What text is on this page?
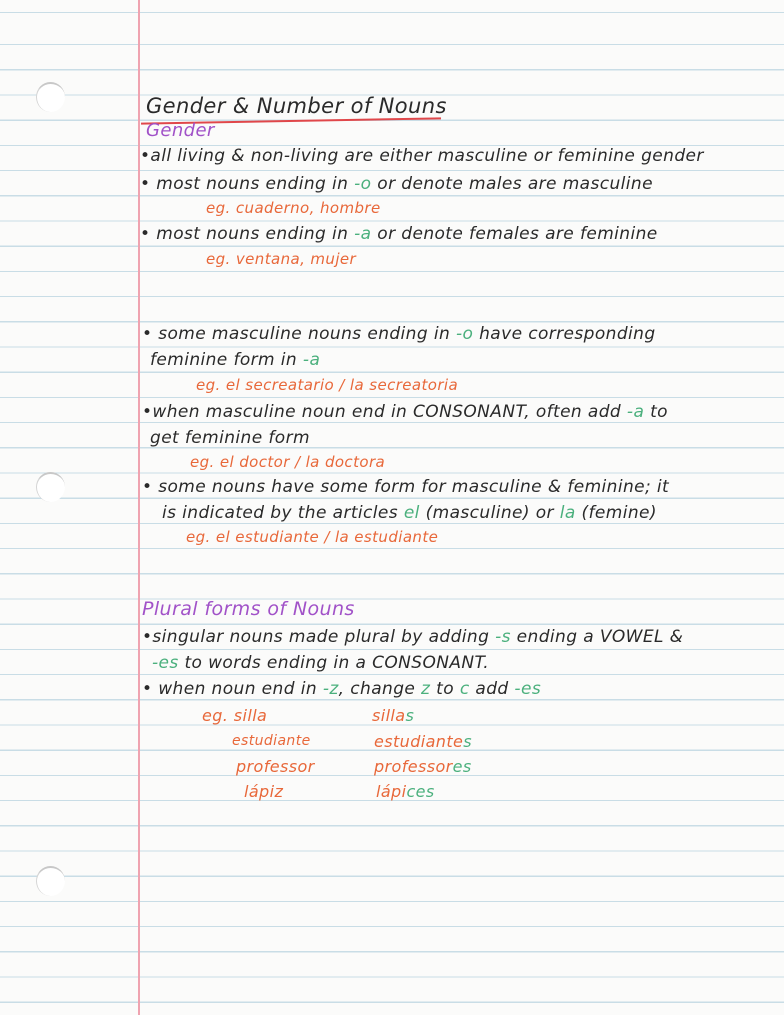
Gender & Number of Nouns
Gender
•all living & non-living are either masculine or feminine gender
• most nouns ending in -o or denote males are masculine
eg. cuaderno, hombre
• most nouns ending in -a or denote females are feminine
eg. ventana, mujer
• some masculine nouns ending in -o have corresponding
feminine form in -a
eg. el secreatario / la secreatoria
•when masculine noun end in CONSONANT, often add -a to
get feminine form
eg. el doctor / la doctora
• some nouns have some form for masculine & feminine; it
is indicated by the articles el (masculine) or la (femine)
eg. el estudiante / la estudiante
Plural forms of Nouns
•singular nouns made plural by adding -s ending a VOWEL &
-es to words ending in a CONSONANT.
• when noun end in -z, change z to c add -es
eg. silla	sillas
estudiante	estudiantes
professor	professores
lápiz	lápices
